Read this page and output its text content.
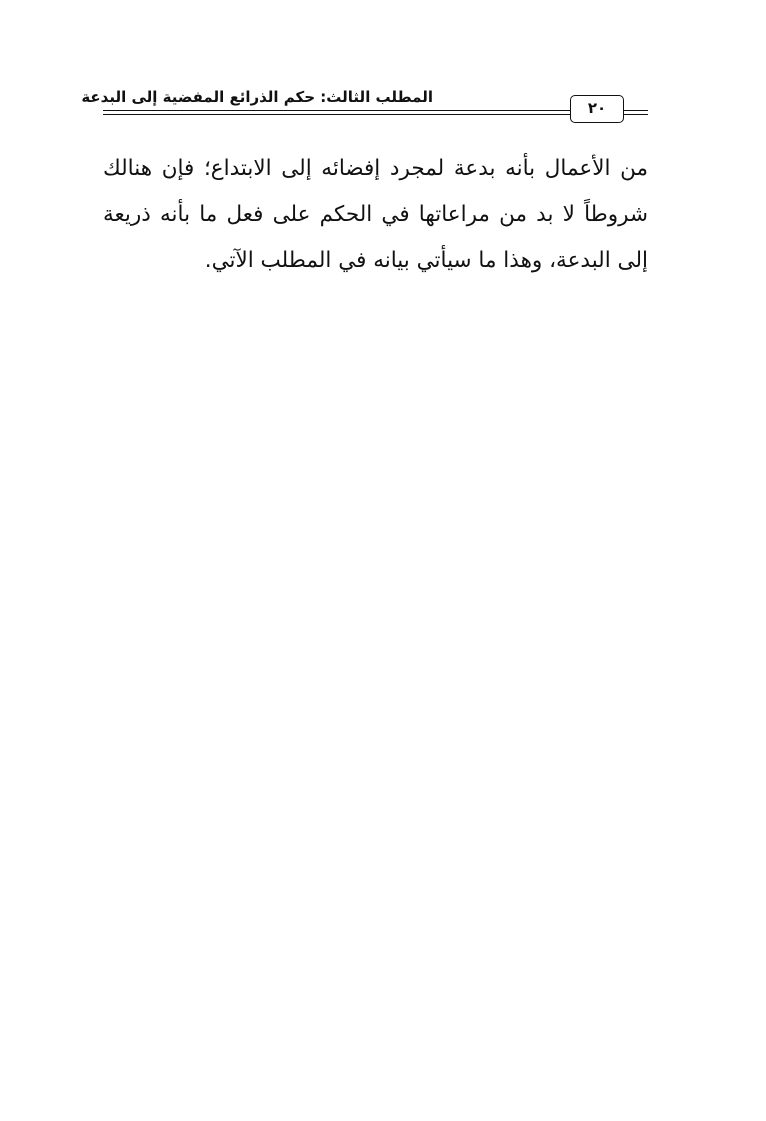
المطلب الثالث: حكم الذرائع المفضية إلى البدعة
٢٠

من الأعمال بأنه بدعة لمجرد إفضائه إلى الابتداع؛ فإن هنالك شروطاً لا بد من مراعاتها في الحكم على فعل ما بأنه ذريعة إلى البدعة، وهذا ما سيأتي بيانه في المطلب الآتي.
